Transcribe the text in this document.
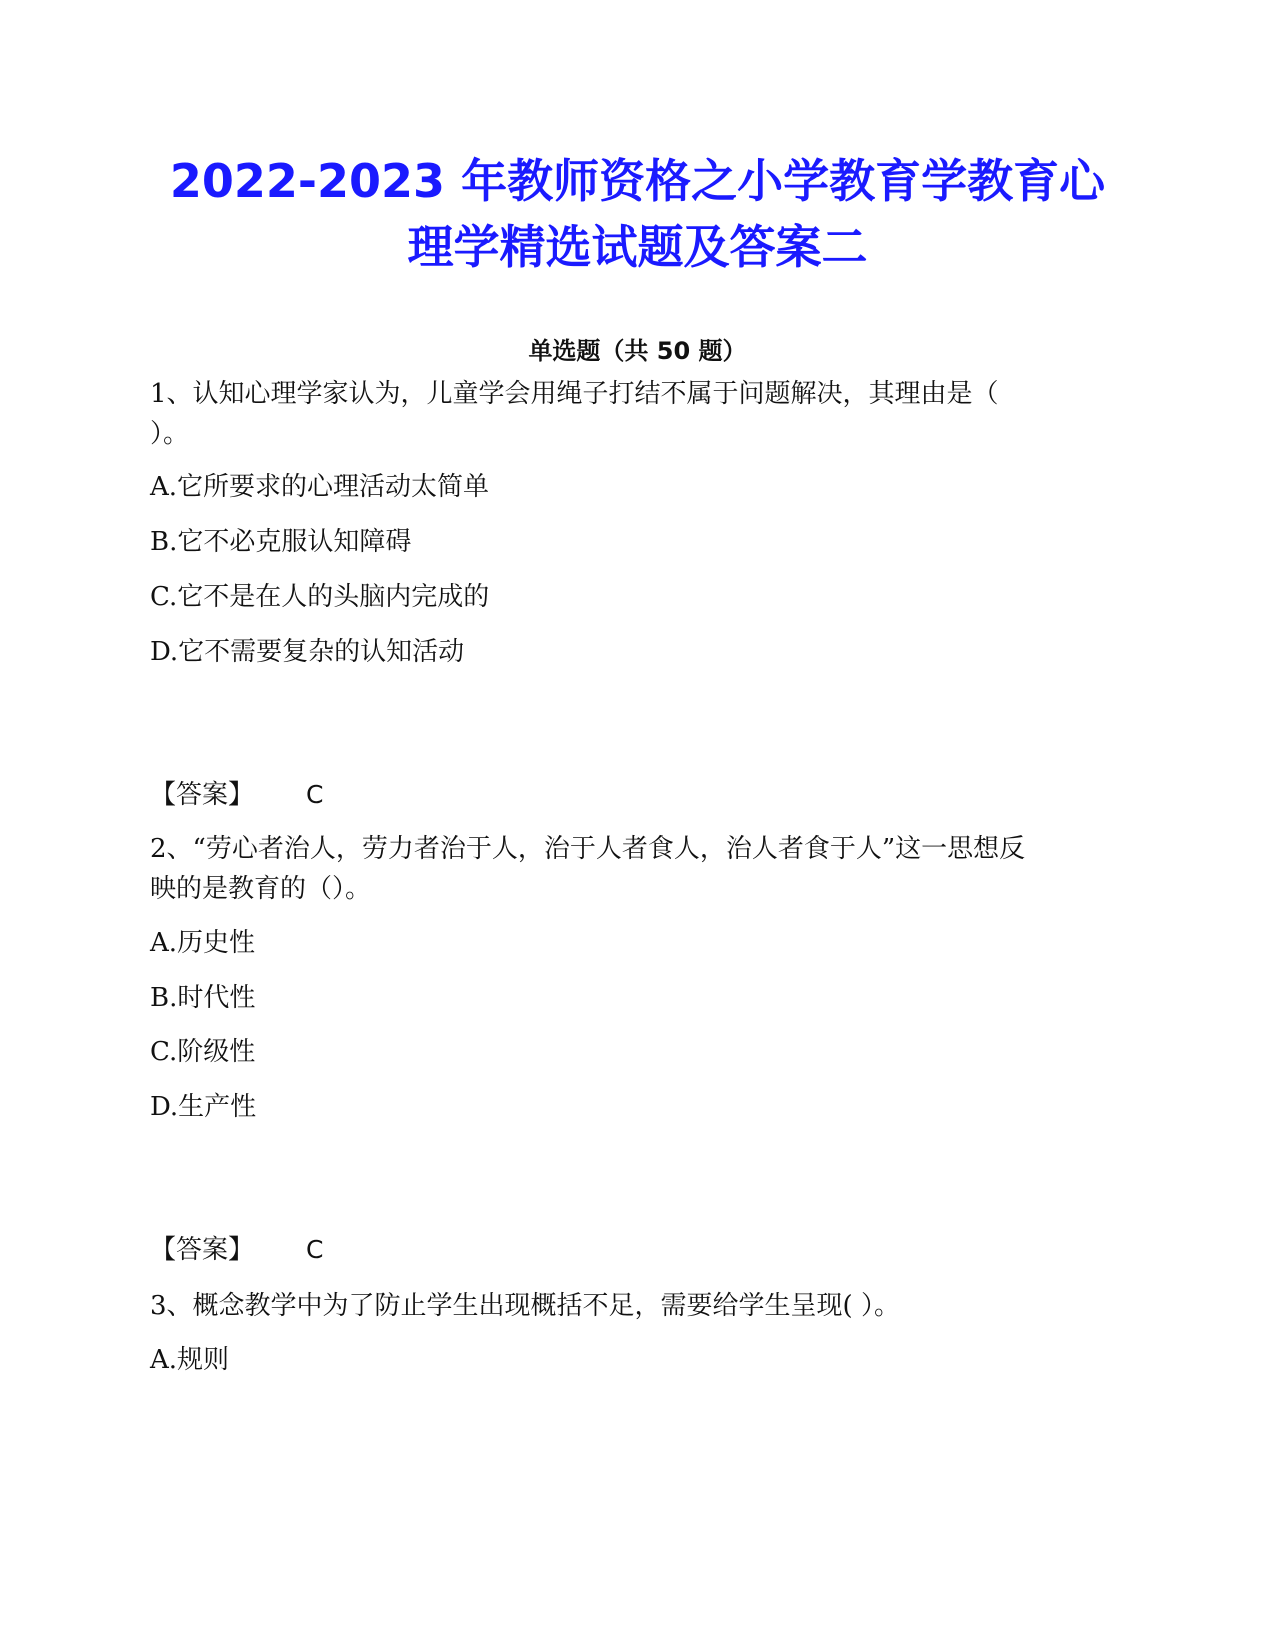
2022-2023 年教师资格之小学教育学教育心
理学精选试题及答案二
单选题（共 50 题）
1、认知心理学家认为，儿童学会用绳子打结不属于问题解决，其理由是（
）。
A.它所要求的心理活动太简单
B.它不必克服认知障碍
C.它不是在人的头脑内完成的
D.它不需要复杂的认知活动
【答案】 C
2、“劳心者治人，劳力者治于人，治于人者食人，治人者食于人”这一思想反
映的是教育的（）。
A.历史性
B.时代性
C.阶级性
D.生产性
【答案】 C
3、概念教学中为了防止学生出现概括不足，需要给学生呈现( ）。
A.规则
